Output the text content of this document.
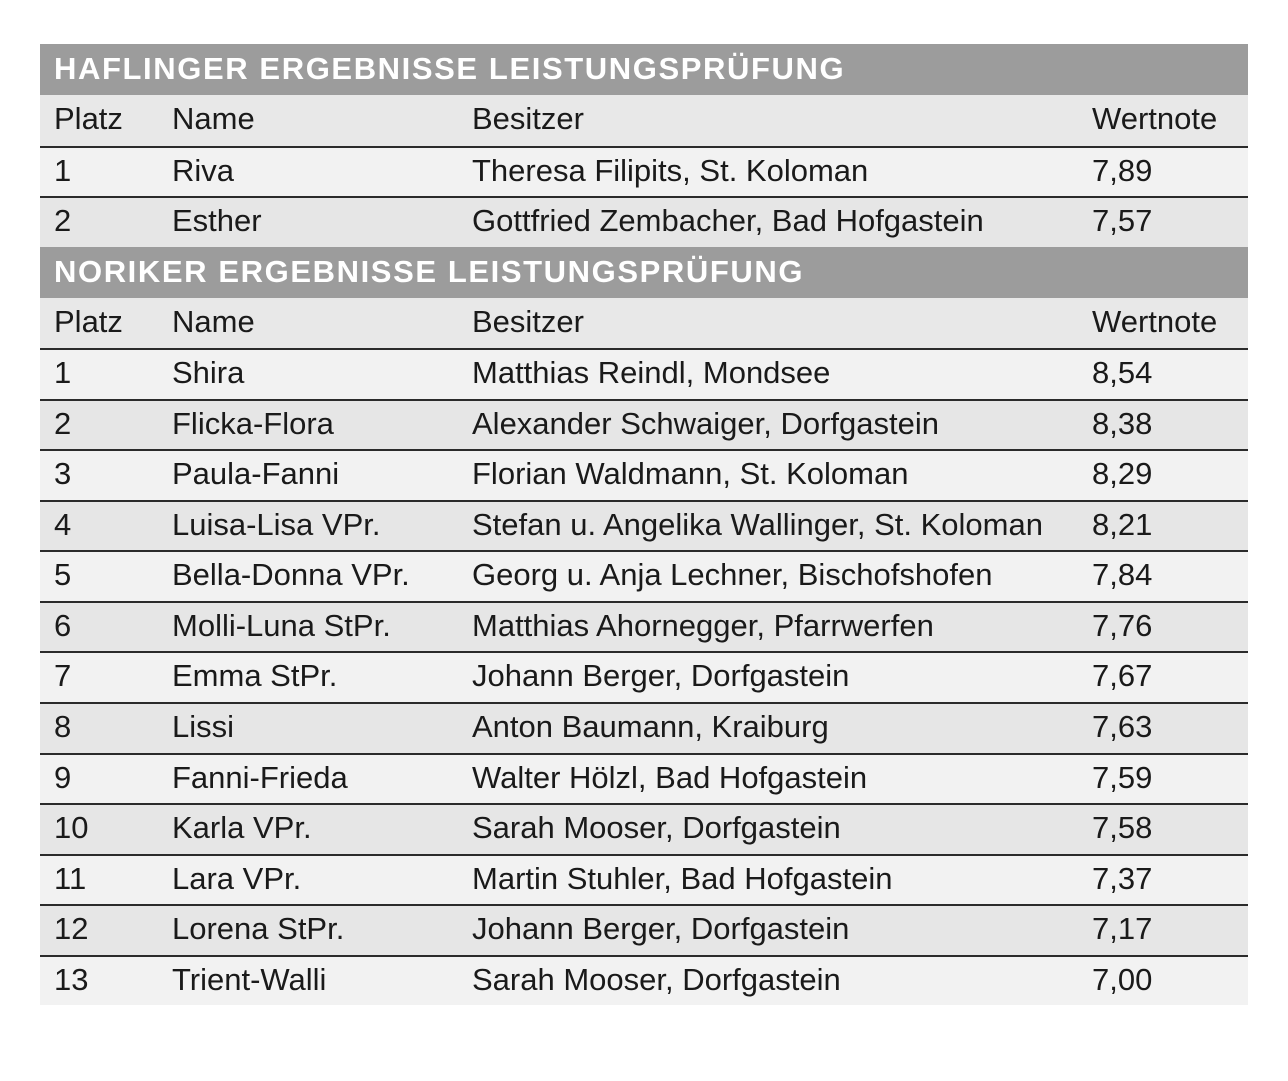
HAFLINGER ERGEBNISSE LEISTUNGSPRÜFUNG			
Platz	Name	Besitzer	Wertnote
1	Riva	Theresa Filipits, St. Koloman	7,89
2	Esther	Gottfried Zembacher, Bad Hofgastein	7,57
NORIKER ERGEBNISSE LEISTUNGSPRÜFUNG			
Platz	Name	Besitzer	Wertnote
1	Shira	Matthias Reindl, Mondsee	8,54
2	Flicka-Flora	Alexander Schwaiger, Dorfgastein	8,38
3	Paula-Fanni	Florian Waldmann, St. Koloman	8,29
4	Luisa-Lisa VPr.	Stefan u. Angelika Wallinger, St. Koloman	8,21
5	Bella-Donna VPr.	Georg u. Anja Lechner, Bischofshofen	7,84
6	Molli-Luna StPr.	Matthias Ahornegger, Pfarrwerfen	7,76
7	Emma StPr.	Johann Berger, Dorfgastein	7,67
8	Lissi	Anton Baumann, Kraiburg	7,63
9	Fanni-Frieda	Walter Hölzl, Bad Hofgastein	7,59
10	Karla VPr.	Sarah Mooser, Dorfgastein	7,58
11	Lara VPr.	Martin Stuhler, Bad Hofgastein	7,37
12	Lorena StPr.	Johann Berger, Dorfgastein	7,17
13	Trient-Walli	Sarah Mooser, Dorfgastein	7,00
